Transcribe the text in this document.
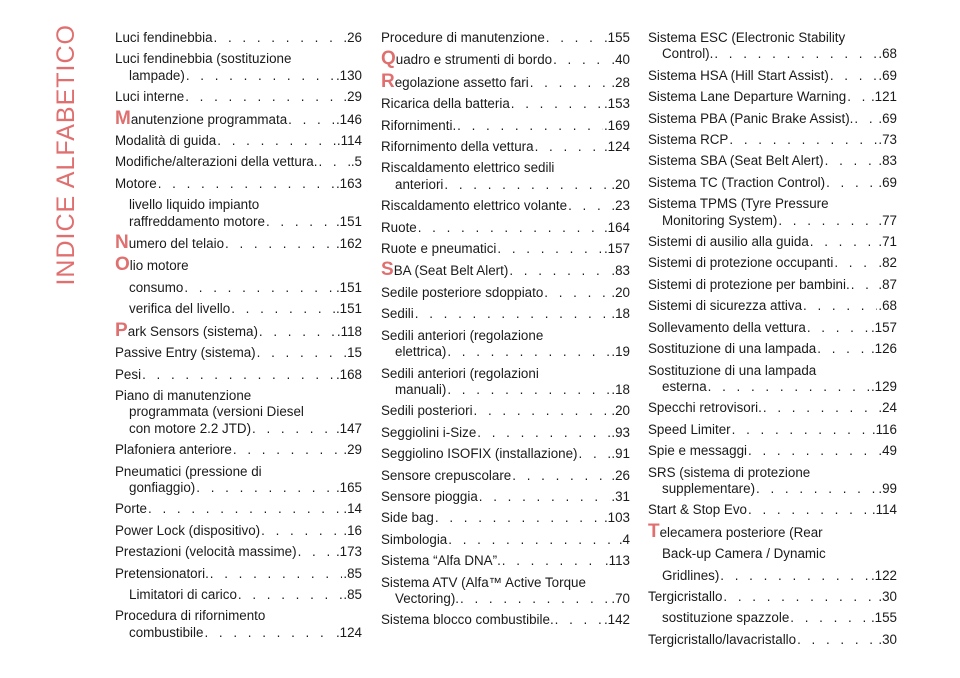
INDICE ALFABETICO	Luci fendinebbia . . .	.26
Luci fendinebbia (sostituzione
lampade) . . .	.130
Luci interne . . .	.29
M anutenzione programmata . . .	.146
Modalità di guida . . .	.114
Modifiche/alterazioni della vettura. . . . .5
Motore . . .	.163
livello liquido impianto
raffreddamento motore . . .	.151
N umero del telaio . . .	.162
O lio motore
consumo . . .	.151
verifica del livello . . .	.151
P ark Sensors (sistema) . . .	.118
Passive Entry (sistema) . . .	.15
Pesi . . .	.168
Piano di manutenzione
programmata (versioni Diesel
con motore 2.2 JTD) . . .	.147
Plafoniera anteriore . . .	.29
Pneumatici (pressione di
gonfiaggio) . . .	.165
Porte . . .	.14
Power Lock (dispositivo) . . .	.16
Prestazioni (velocità massime) . . .	.173
Pretensionatori. . . .	.85
Limitatori di carico . . .	.85
Procedura di rifornimento
combustibile . . .	.124
Procedure di manutenzione . . .	.155
Q uadro e strumenti di bordo . . .	.40
R egolazione assetto fari . . .	.28
Ricarica della batteria . . .	.153
Rifornimenti. . . .	.169
Rifornimento della vettura . . .	.124
Riscaldamento elettrico sedili
anteriori . . .	.20
Riscaldamento elettrico volante . . .	.23
Ruote . . .	.164
Ruote e pneumatici . . .	.157
S BA (Seat Belt Alert) . . .	.83
Sedile posteriore sdoppiato . . .	.20
Sedili . . .	.18
Sedili anteriori (regolazione
elettrica) . . .	.19
Sedili anteriori (regolazioni
manuali) . . .	.18
Sedili posteriori . . .	.20
Seggiolini i-Size . . .	.93
Seggiolino ISOFIX (installazione) . . .	.91
Sensore crepuscolare . . .	.26
Sensore pioggia . . .	.31
Side bag . . .	.103
Simbologia . . .	.4
Sistema “Alfa DNA”. . . .	.113
Sistema ATV (Alfa™ Active Torque
Vectoring). . . .	.70
Sistema blocco combustibile. . . .	.142
Sistema ESC (Electronic Stability
Control). . . .	.68
Sistema HSA (Hill Start Assist) . . .	.69
Sistema Lane Departure Warning . . . .121
Sistema PBA (Panic Brake Assist). . . . .69
Sistema RCP . . .	.73
Sistema SBA (Seat Belt Alert) . . .	.83
Sistema TC (Traction Control) . . .	.69
Sistema TPMS (Tyre Pressure
Monitoring System) . . .	.77
Sistemi di ausilio alla guida . . .	.71
Sistemi di protezione occupanti . . .	.82
Sistemi di protezione per bambini. . . . .87
Sistemi di sicurezza attiva . . .	.68
Sollevamento della vettura . . .	.157
Sostituzione di una lampada . . .	.126
Sostituzione di una lampada
esterna . . .	.129
Specchi retrovisori. . . .	.24
Speed Limiter . . .	.116
Spie e messaggi . . .	.49
SRS (sistema di protezione
supplementare) . . .	.99
Start & Stop Evo . . .	.114
T elecamera posteriore (Rear
Back-up Camera / Dynamic
Gridlines) . . .	.122
Tergicristallo . . .	.30
sostituzione spazzole . . .	.155
Tergicristallo/lavacristallo . . .	.30
